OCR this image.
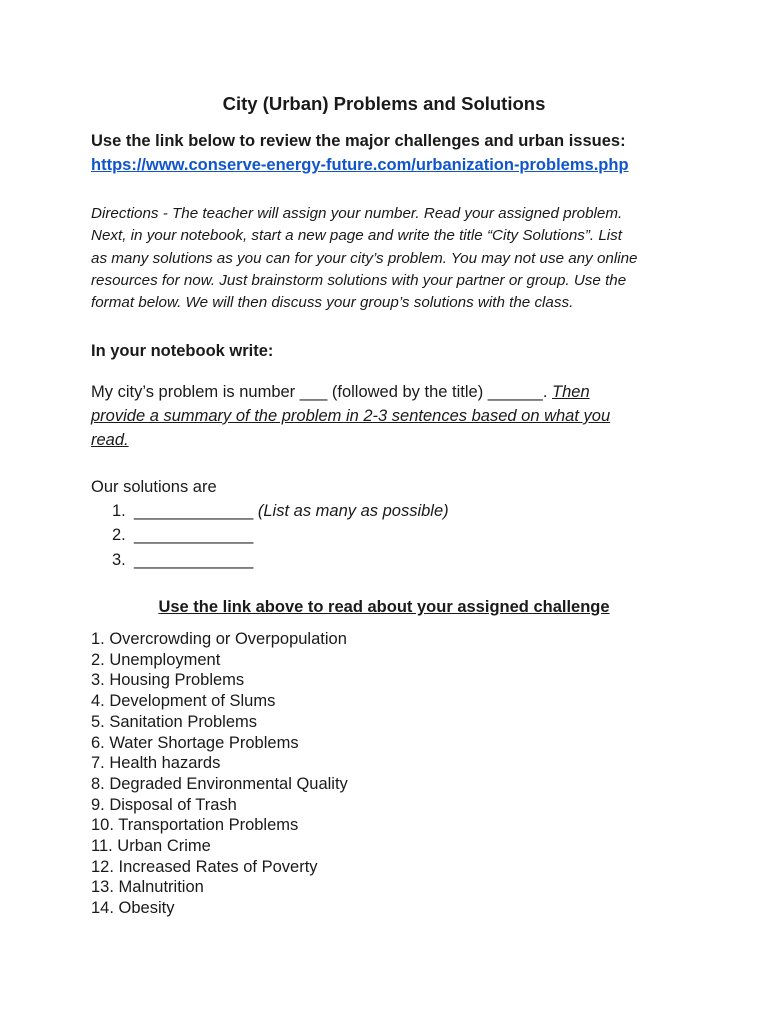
City (Urban) Problems and Solutions
Use the link below to review the major challenges and urban issues:
https://www.conserve-energy-future.com/urbanization-problems.php
Directions - The teacher will assign your number. Read your assigned problem.
Next, in your notebook, start a new page and write the title “City Solutions”. List
as many solutions as you can for your city’s problem. You may not use any online
resources for now. Just brainstorm solutions with your partner or group. Use the
format below. We will then discuss your group’s solutions with the class.
In your notebook write:
My city’s problem is number ___ (followed by the title) ______. Then
provide a summary of the problem in 2-3 sentences based on what you
read.
Our solutions are
1. _____________ (List as many as possible)
2. _____________
3. _____________
Use the link above to read about your assigned challenge
1. Overcrowding or Overpopulation
2. Unemployment
3. Housing Problems
4. Development of Slums
5. Sanitation Problems
6. Water Shortage Problems
7. Health hazards
8. Degraded Environmental Quality
9. Disposal of Trash
10. Transportation Problems
11. Urban Crime
12. Increased Rates of Poverty
13. Malnutrition
14. Obesity
